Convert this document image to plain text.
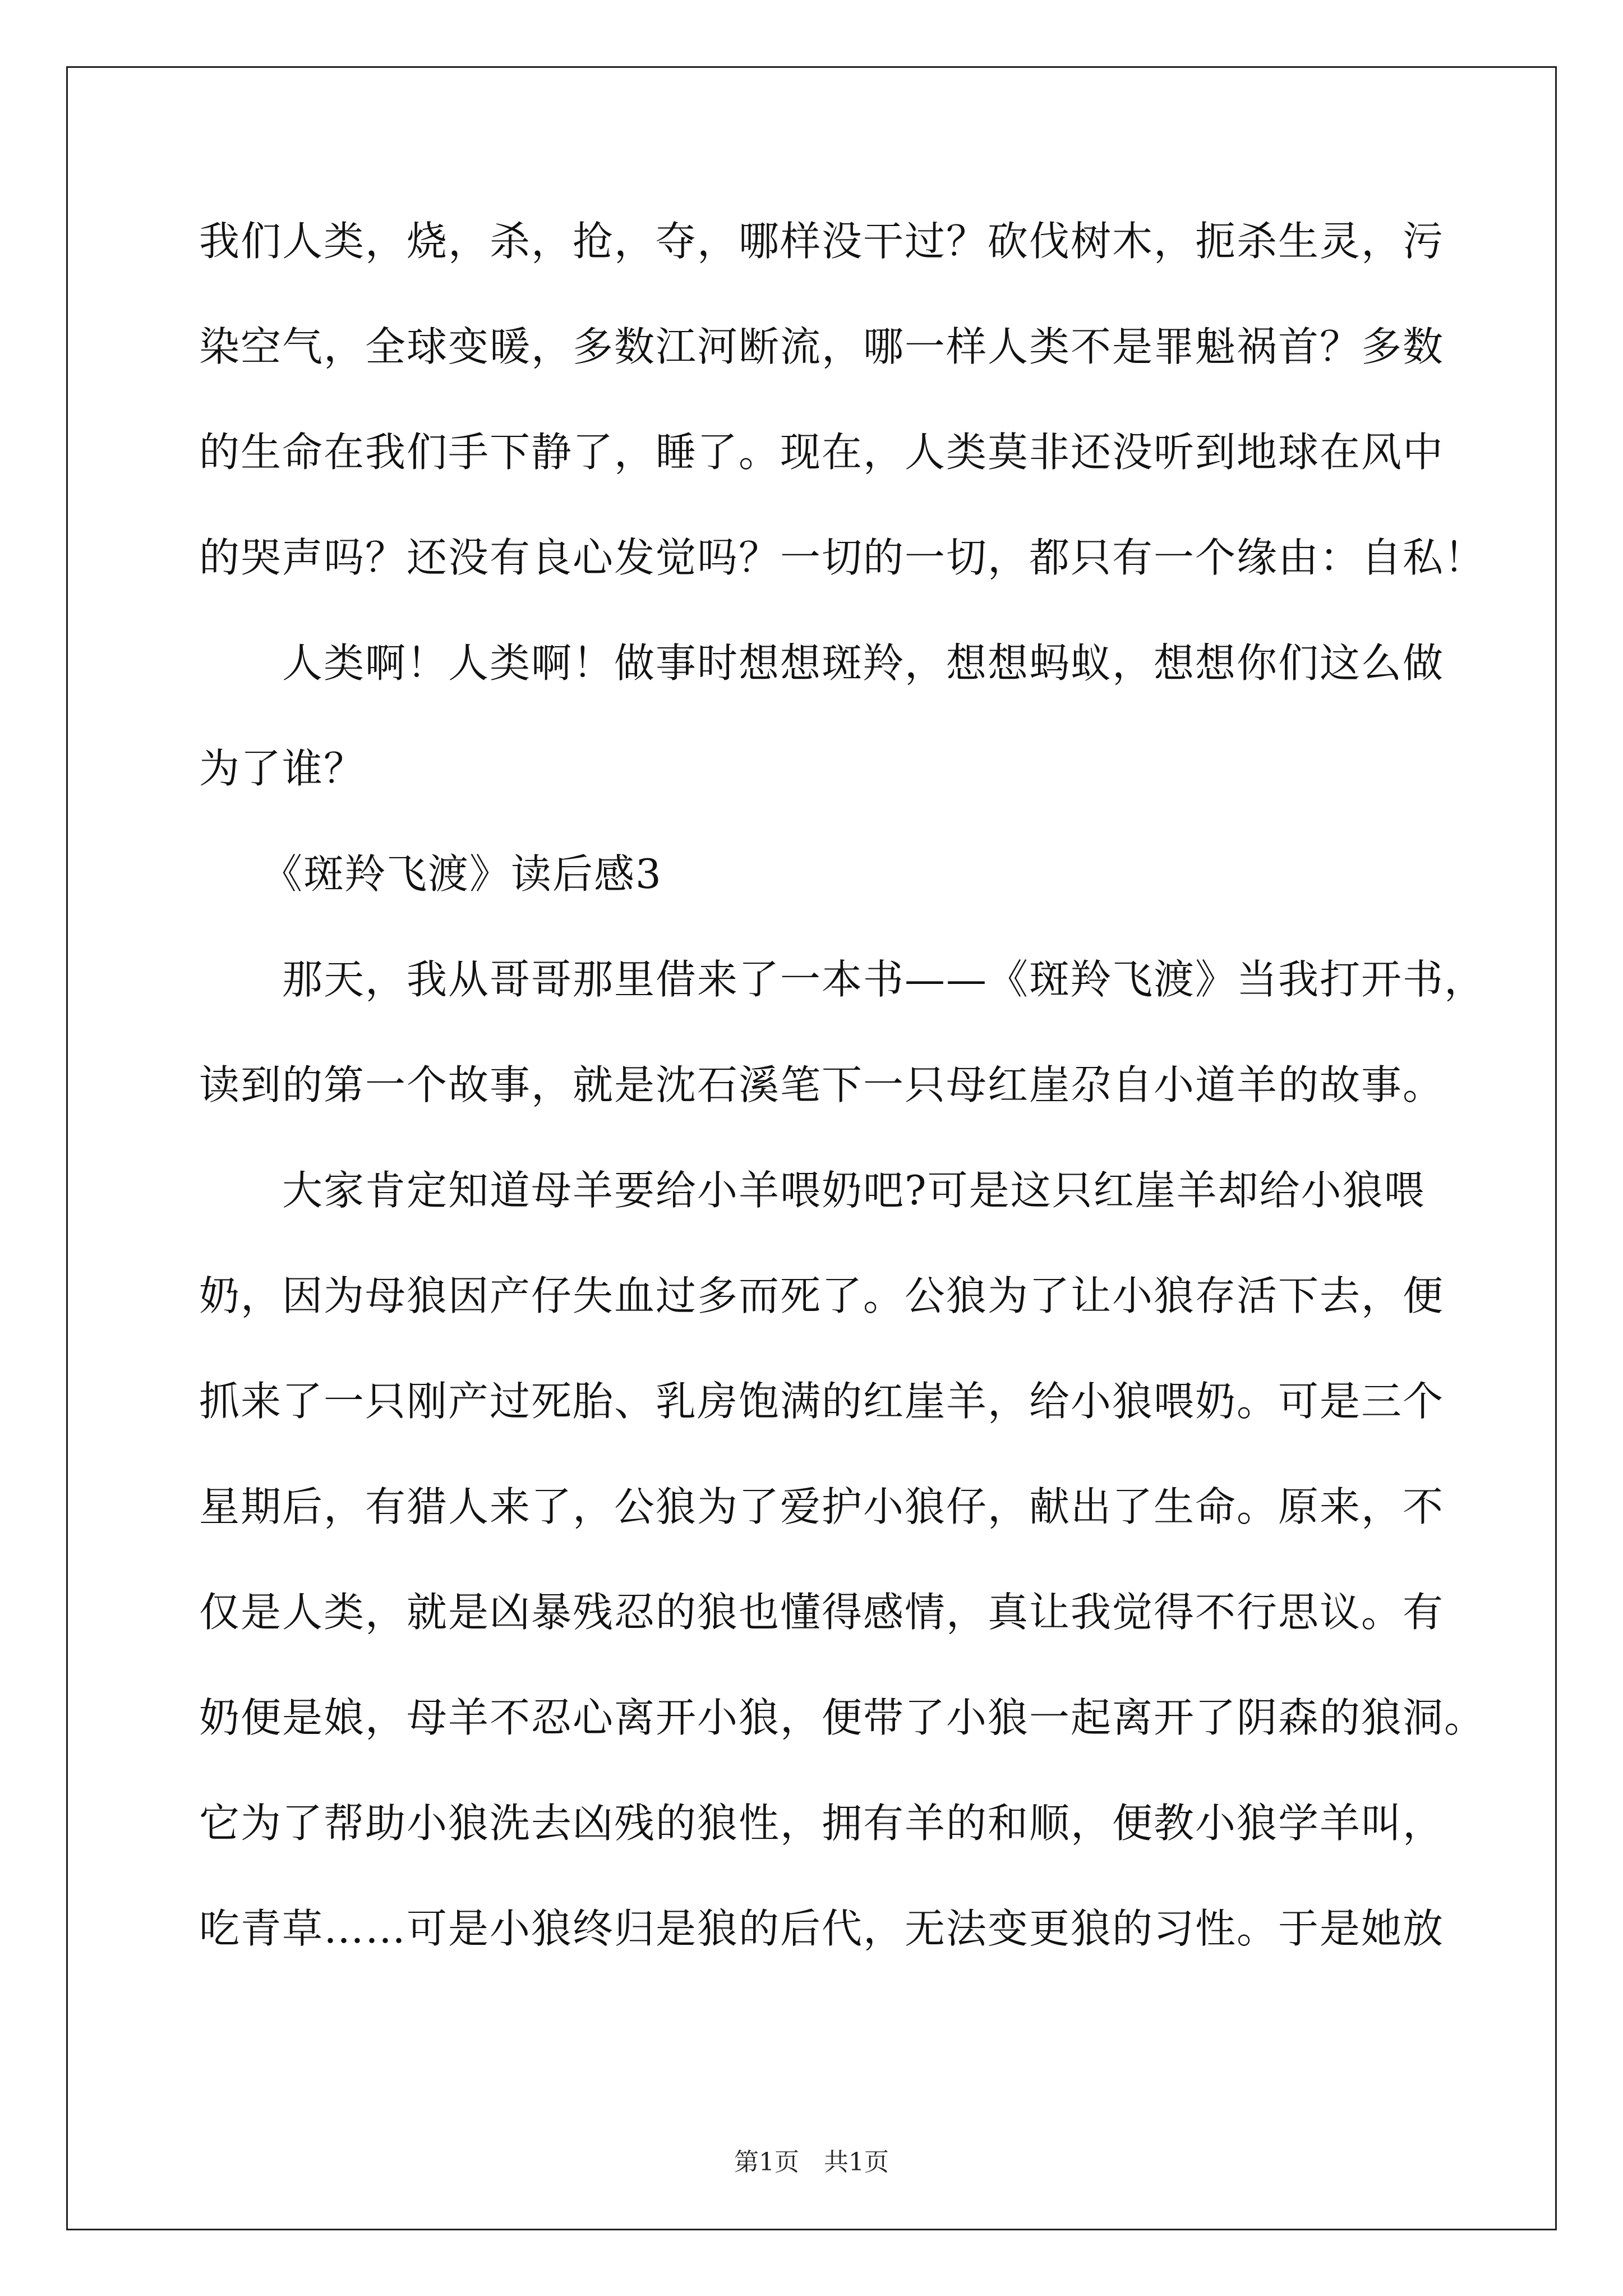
我们人类，烧，杀，抢，夺，哪样没干过？砍伐树木，扼杀生灵，污
染空气，全球变暖，多数江河断流，哪一样人类不是罪魁祸首？多数
的生命在我们手下静了，睡了。现在，人类莫非还没听到地球在风中
的哭声吗？还没有良心发觉吗？一切的一切，都只有一个缘由：自私！
　　人类啊！人类啊！做事时想想斑羚，想想蚂蚁，想想你们这么做
为了谁？
　　《斑羚飞渡》读后感3
　　那天，我从哥哥那里借来了一本书——《斑羚飞渡》当我打开书，
读到的第一个故事，就是沈石溪笔下一只母红崖尕自小道羊的故事。
　　大家肯定知道母羊要给小羊喂奶吧?可是这只红崖羊却给小狼喂
奶，因为母狼因产仔失血过多而死了。公狼为了让小狼存活下去，便
抓来了一只刚产过死胎、乳房饱满的红崖羊，给小狼喂奶。可是三个
星期后，有猎人来了，公狼为了爱护小狼仔，献出了生命。原来，不
仅是人类，就是凶暴残忍的狼也懂得感情，真让我觉得不行思议。有
奶便是娘，母羊不忍心离开小狼，便带了小狼一起离开了阴森的狼洞。
它为了帮助小狼洗去凶残的狼性，拥有羊的和顺，便教小狼学羊叫，
吃青草……可是小狼终归是狼的后代，无法变更狼的习性。于是她放
第1页　共1页
